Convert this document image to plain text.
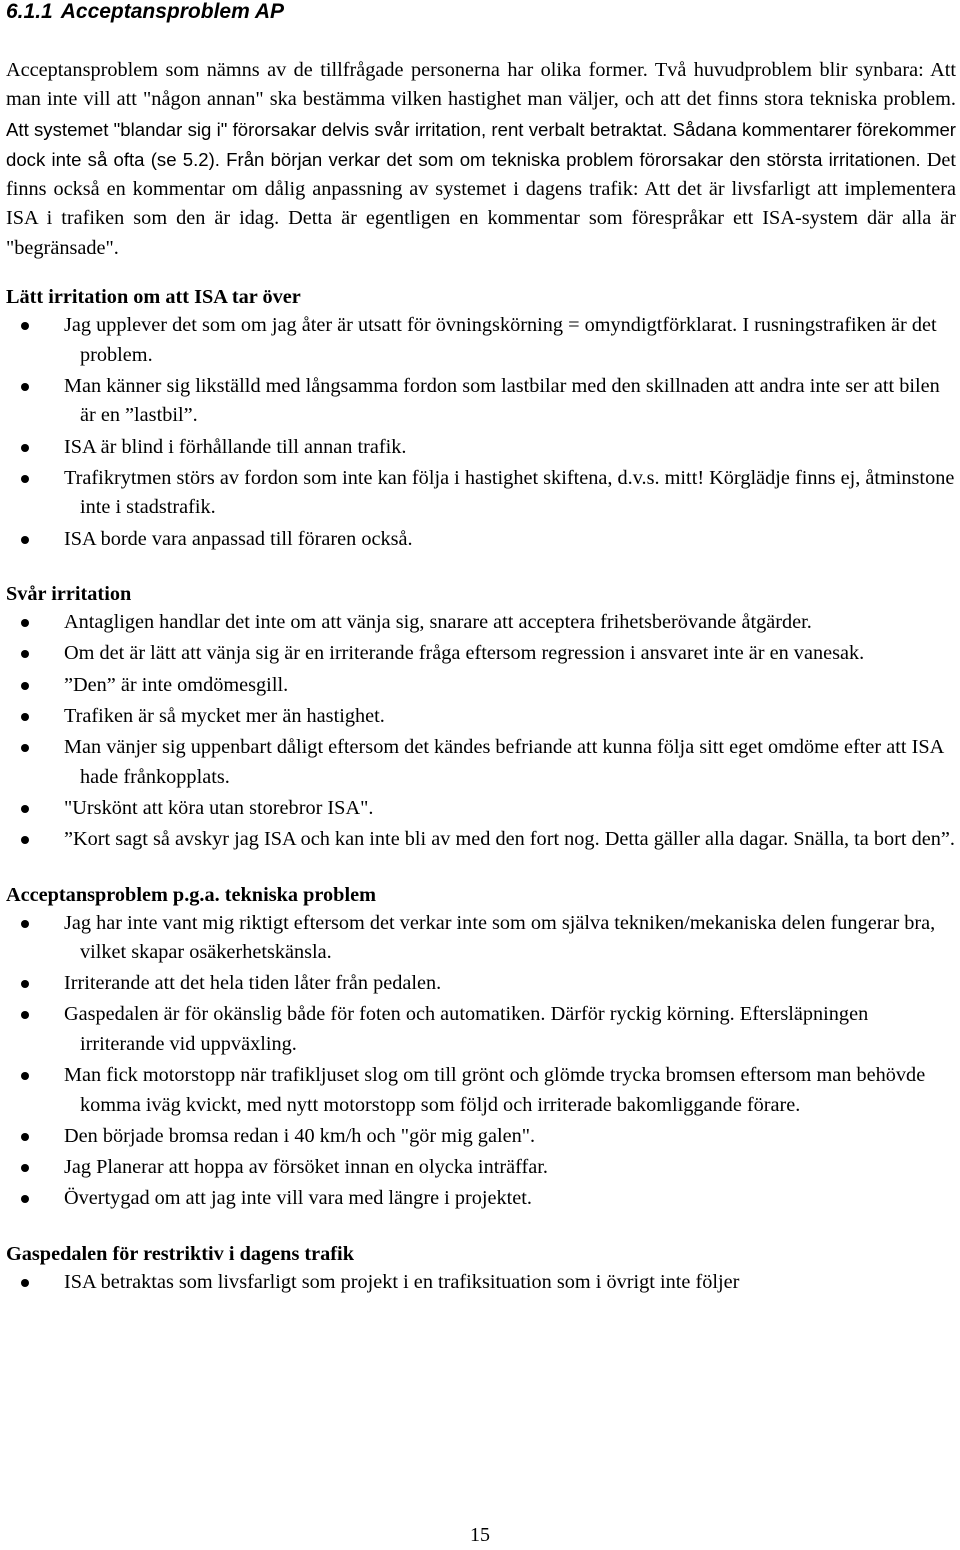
6.1.1 Acceptansproblem AP

Acceptansproblem som nämns av de tillfrågade personerna har olika former. Två huvudproblem blir synbara: Att man inte vill att "någon annan" ska bestämma vilken hastighet man väljer, och att det finns stora tekniska problem. Att systemet "blandar sig i" förorsakar delvis svår irritation, rent verbalt betraktat. Sådana kommentarer förekommer dock inte så ofta (se 5.2). Från början verkar det som om tekniska problem förorsakar den största irritationen. Det finns också en kommentar om dålig anpassning av systemet i dagens trafik: Att det är livsfarligt att implementera ISA i trafiken som den är idag. Detta är egentligen en kommentar som förespråkar ett ISA-system där alla är "begränsade".

Lätt irritation om att ISA tar över
Jag upplever det som om jag åter är utsatt för övningskörning = omyndigtförklarat. I rusningstrafiken är det problem.
Man känner sig likställd med långsamma fordon som lastbilar med den skillnaden att andra inte ser att bilen är en ”lastbil”.
ISA är blind i förhållande till annan trafik.
Trafikrytmen störs av fordon som inte kan följa i hastighet skiftena, d.v.s. mitt! Körglädje finns ej, åtminstone inte i stadstrafik.
ISA borde vara anpassad till föraren också.
Svår irritation
Antagligen handlar det inte om att vänja sig, snarare att acceptera frihetsberövande åtgärder.
Om det är lätt att vänja sig är en irriterande fråga eftersom regression i ansvaret inte är en vanesak.
”Den” är inte omdömesgill.
Trafiken är så mycket mer än hastighet.
Man vänjer sig uppenbart dåligt eftersom det kändes befriande att kunna följa sitt eget omdöme efter att ISA hade frånkopplats.
"Urskönt att köra utan storebror ISA".
”Kort sagt så avskyr jag ISA och kan inte bli av med den fort nog. Detta gäller alla dagar. Snälla, ta bort den”.
Acceptansproblem p.g.a. tekniska problem
Jag har inte vant mig riktigt eftersom det verkar inte som om själva tekniken/mekaniska delen fungerar bra, vilket skapar osäkerhetskänsla.
Irriterande att det hela tiden låter från pedalen.
Gaspedalen är för okänslig både för foten och automatiken. Därför ryckig körning. Eftersläpningen irriterande vid uppväxling.
Man fick motorstopp när trafikljuset slog om till grönt och glömde trycka bromsen eftersom man behövde komma iväg kvickt, med nytt motorstopp som följd och irriterade bakomliggande förare.
Den började bromsa redan i 40 km/h och "gör mig galen".
Jag Planerar att hoppa av försöket innan en olycka inträffar.
Övertygad om att jag inte vill vara med längre i projektet.
Gaspedalen för restriktiv i dagens trafik
ISA betraktas som livsfarligt som projekt i en trafiksituation som i övrigt inte följer
15
